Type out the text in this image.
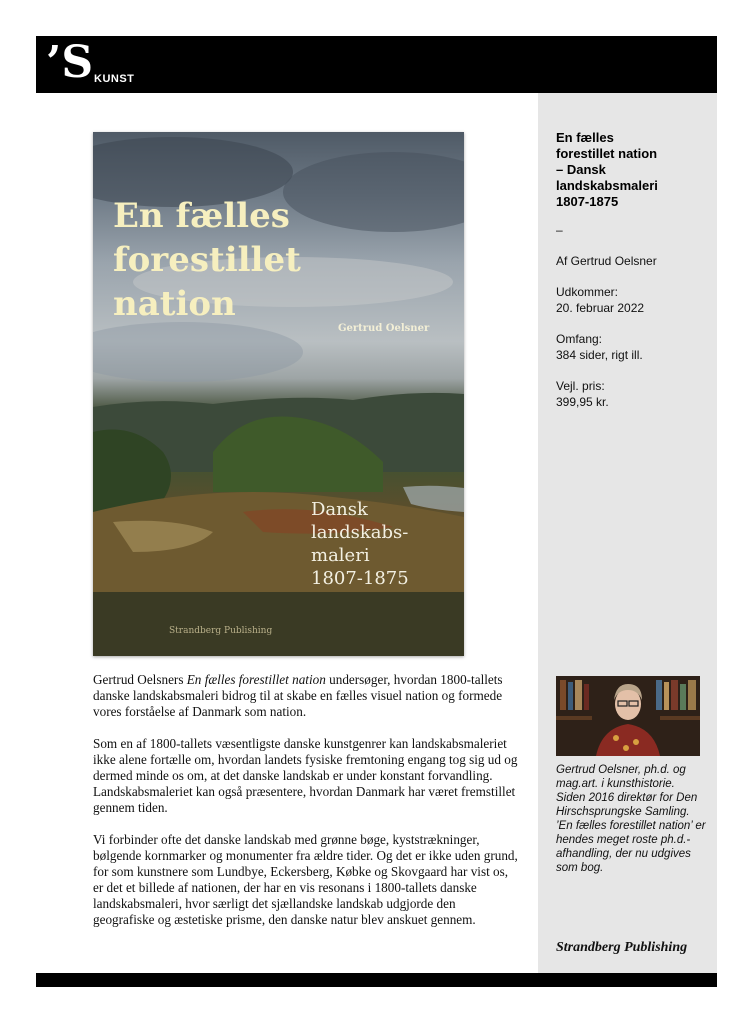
’S KUNST
En fælles
forestillet
nation
Gertrud Oelsner
Dansk
landskabs-
maleri
1807-1875
Strandberg Publishing

Gertrud Oelsners En fælles forestillet nation undersøger, hvordan 1800-tallets danske landskabsmaleri bidrog til at skabe en fælles visuel nation og formede vores forståelse af Danmark som nation.

Som en af 1800-tallets væsentligste danske kunstgenrer kan landskabsmaleriet ikke alene fortælle om, hvordan landets fysiske fremtoning engang tog sig ud og dermed minde os om, at det danske landskab er under konstant forvandling. Landskabsmaleriet kan også præsentere, hvordan Danmark har været fremstillet gennem tiden.

Vi forbinder ofte det danske landskab med grønne bøge, kyststrækninger, bølgende kornmarker og monumenter fra ældre tider. Og det er ikke uden grund, for som kunstnere som Lundbye, Eckersberg, Købke og Skovgaard har vist os, er det et billede af nationen, der har en vis resonans i 1800-tallets danske landskabsmaleri, hvor særligt det sjællandske landskab udgjorde den geografiske og æstetiske prisme, den danske natur blev anskuet gennem.

En fælles
forestillet nation
– Dansk
landskabsmaleri
1807-1875
–
Af Gertrud Oelsner
Udkommer:
20. februar 2022
Omfang:
384 sider, rigt ill.
Vejl. pris:
399,95 kr.
Gertrud Oelsner, ph.d. og mag.art. i kunsthistorie. Siden 2016 direktør for Den Hirschsprungske Samling. ’En fælles forestillet nation’ er hendes meget roste ph.d.-afhandling, der nu udgives som bog.
Strandberg Publishing
